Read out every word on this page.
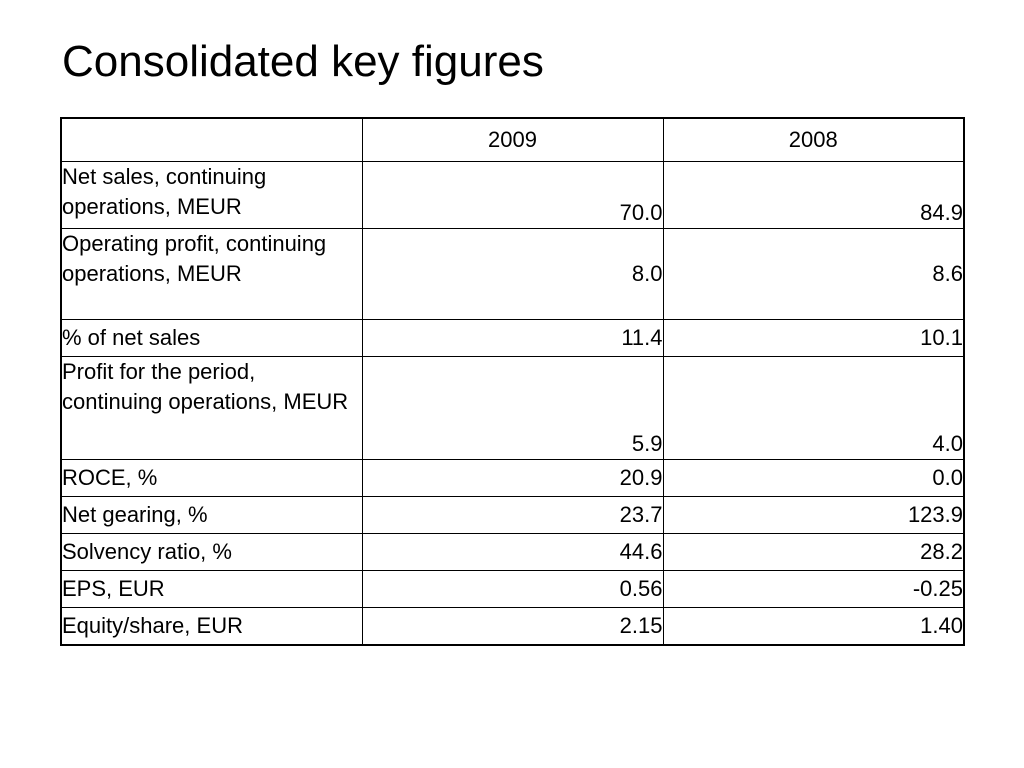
Consolidated key figures
	2009	2008
Net sales, continuing operations, MEUR	70.0	84.9
Operating profit, continuing operations, MEUR	8.0	8.6
% of net sales	11.4	10.1
Profit for the period, continuing operations, MEUR	5.9	4.0
ROCE, %	20.9	0.0
Net gearing, %	23.7	123.9
Solvency ratio, %	44.6	28.2
EPS, EUR	0.56	-0.25
Equity/share, EUR	2.15	1.40
